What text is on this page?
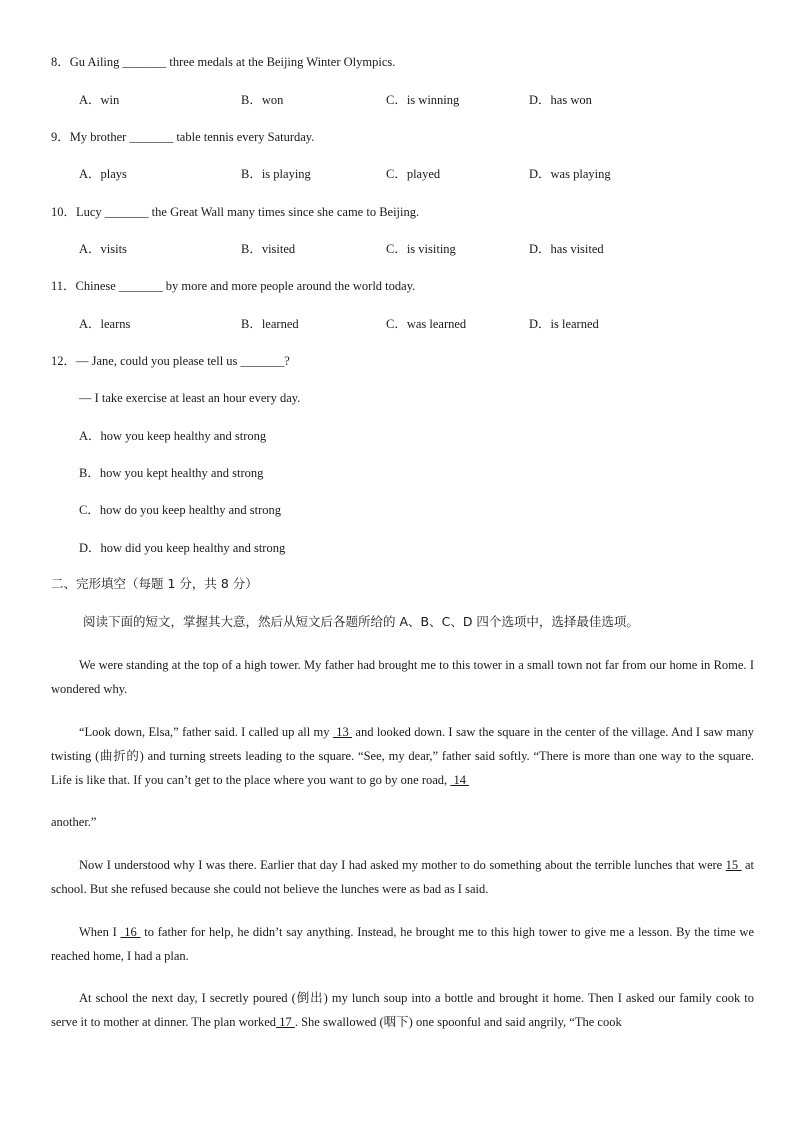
8．Gu Ailing _______ three medals at the Beijing Winter Olympics.
A．win	B．won	C．is winning	D．has won
9．My brother _______ table tennis every Saturday.
A．plays	B．is playing	C．played	D．was playing
10．Lucy _______ the Great Wall many times since she came to Beijing.
A．visits	B．visited	C．is visiting	D．has visited
11．Chinese _______ by more and more people around the world today.
A．learns	B．learned	C．was learned	D．is learned
12．— Jane, could you please tell us _______?
— I take exercise at least an hour every day.
A．how you keep healthy and strong
B．how you kept healthy and strong
C．how do you keep healthy and strong
D．how did you keep healthy and strong
二、完形填空（每题 1 分，共 8 分）
阅读下面的短文，掌握其大意，然后从短文后各题所给的 A、B、C、D 四个选项中，选择最佳选项。

We were standing at the top of a high tower. My father had brought me to this tower in a small town not far from our home in Rome. I wondered why.

“Look down, Elsa,” father said. I called up all my  13  and looked down. I saw the square in the center of the village. And I saw many twisting (曲折的) and turning streets leading to the square. “See, my dear,” father said softly. “There is more than one way to the square. Life is like that. If you can’t get to the place where you want to go by one road,  14

another.”

Now I understood why I was there. Earlier that day I had asked my mother to do something about the terrible lunches that were 15  at school. But she refused because she could not believe the lunches were as bad as I said.

When I  16  to father for help, he didn’t say anything. Instead, he brought me to this high tower to give me a lesson. By the time we reached home, I had a plan.

At school the next day, I secretly poured (倒出) my lunch soup into a bottle and brought it home. Then I asked our family cook to serve it to mother at dinner. The plan worked 17 . She swallowed (咽下) one spoonful and said angrily, “The cook
